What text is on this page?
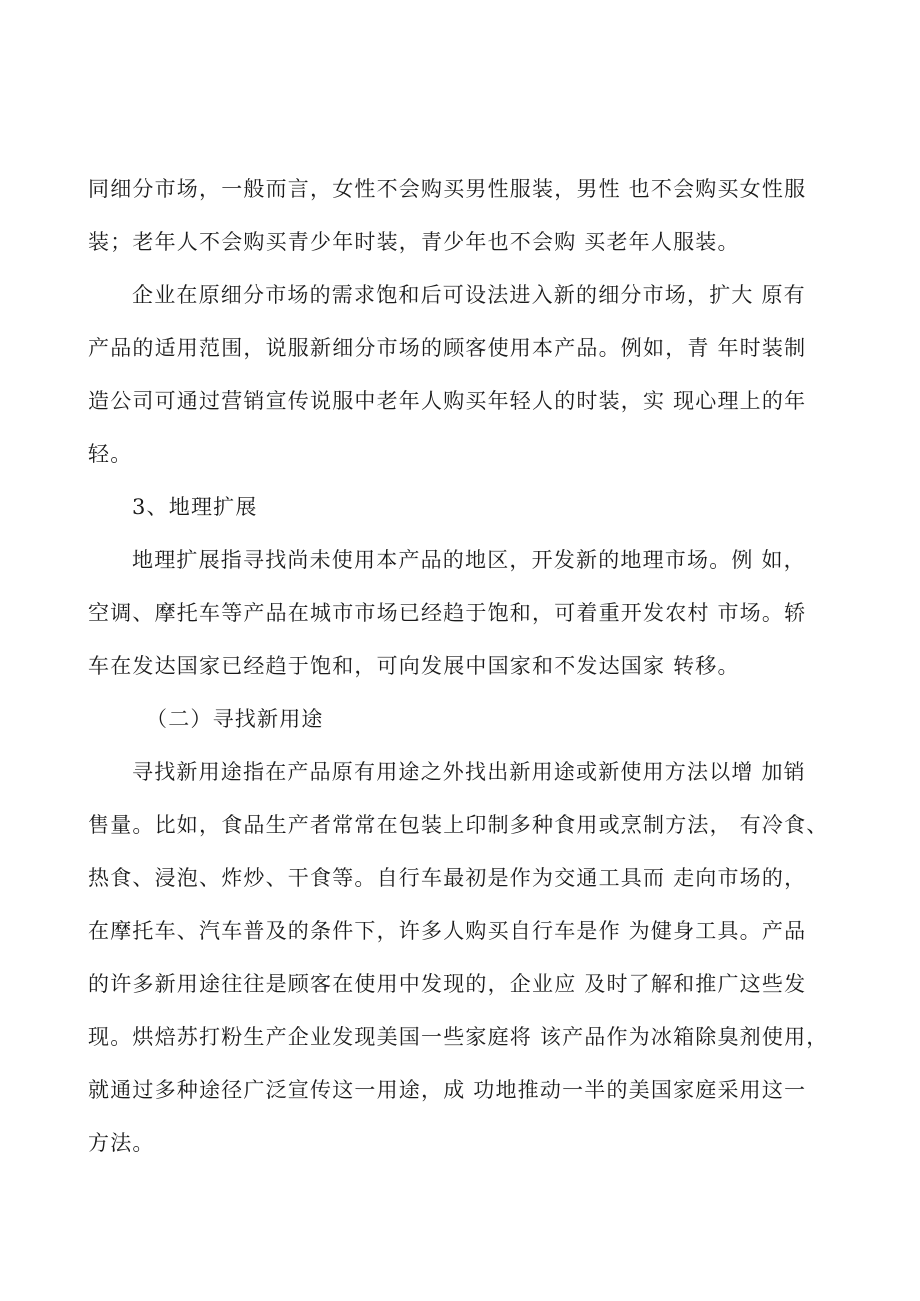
同细分市场，一般而言，女性不会购买男性服装，男性 也不会购买女性服
装；老年人不会购买青少年时装，青少年也不会购 买老年人服装。
企业在原细分市场的需求饱和后可设法进入新的细分市场，扩大 原有
产品的适用范围，说服新细分市场的顾客使用本产品。例如，青 年时装制
造公司可通过营销宣传说服中老年人购买年轻人的时装，实 现心理上的年
轻。
3、地理扩展
地理扩展指寻找尚未使用本产品的地区，开发新的地理市场。例 如，
空调、摩托车等产品在城市市场已经趋于饱和，可着重开发农村 市场。轿
车在发达国家已经趋于饱和，可向发展中国家和不发达国家 转移。
（二）寻找新用途
寻找新用途指在产品原有用途之外找出新用途或新使用方法以增 加销
售量。比如，食品生产者常常在包装上印制多种食用或烹制方法， 有冷食、
热食、浸泡、炸炒、干食等。自行车最初是作为交通工具而 走向市场的，
在摩托车、汽车普及的条件下，许多人购买自行车是作 为健身工具。产品
的许多新用途往往是顾客在使用中发现的，企业应 及时了解和推广这些发
现。烘焙苏打粉生产企业发现美国一些家庭将 该产品作为冰箱除臭剂使用，
就通过多种途径广泛宣传这一用途，成 功地推动一半的美国家庭采用这一
方法。
